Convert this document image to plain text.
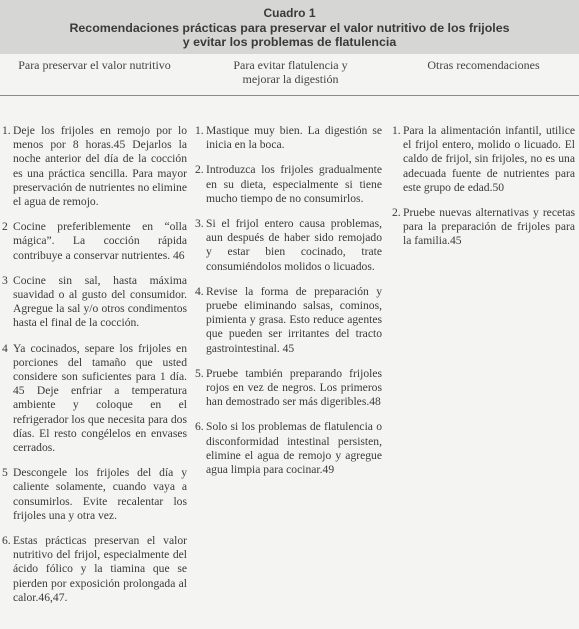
Cuadro 1
Recomendaciones prácticas para preservar el valor nutritivo de los frijoles
y evitar los problemas de flatulencia
Para preservar el valor nutritivo	Para evitar flatulencia y mejorar la digestión
Otras recomendaciones
1. Deje los frijoles en remojo por lo menos por 8 horas.45 Dejarlos la noche anterior del día de la cocción es una práctica sencilla. Para mayor preservación de nutrientes no elimine el agua de remojo.
2 Cocine preferiblemente en “olla mágica”. La cocción rápida contribuye a conservar nutrientes. 46
3 Cocine sin sal, hasta máxima suavidad o al gusto del consumidor. Agregue la sal y/o otros condimentos hasta el final de la cocción.
4 Ya cocinados, separe los frijoles en porciones del tamaño que usted considere son suficientes para 1 día. 45 Deje enfriar a temperatura ambiente y coloque en el refrigerador los que necesita para dos días. El resto congélelos en envases cerrados.
5 Descongele los frijoles del día y caliente solamente, cuando vaya a consumirlos. Evite recalentar los frijoles una y otra vez.
6. Estas prácticas preservan el valor nutritivo del frijol, especialmente del ácido fólico y la tiamina que se pierden por exposición prolongada al calor.46,47.
1. Mastique muy bien. La digestión se inicia en la boca.
2. Introduzca los frijoles gradualmente en su dieta, especialmente si tiene mucho tiempo de no consumirlos.
3. Si el frijol entero causa problemas, aun después de haber sido remojado y estar bien cocinado, trate consumiéndolos molidos o licuados.
4. Revise la forma de preparación y pruebe eliminando salsas, cominos, pimienta y grasa. Esto reduce agentes que pueden ser irritantes del tracto gastrointestinal. 45
5. Pruebe también preparando frijoles rojos en vez de negros. Los primeros han demostrado ser más digeribles.48
6. Solo si los problemas de flatulencia o disconformidad intestinal persisten, elimine el agua de remojo y agregue agua limpia para cocinar.49
1. Para la alimentación infantil, utilice el frijol entero, molido o licuado. El caldo de frijol, sin frijoles, no es una adecuada fuente de nutrientes para este grupo de edad.50
2. Pruebe nuevas alternativas y recetas para la preparación de frijoles para la familia.45
